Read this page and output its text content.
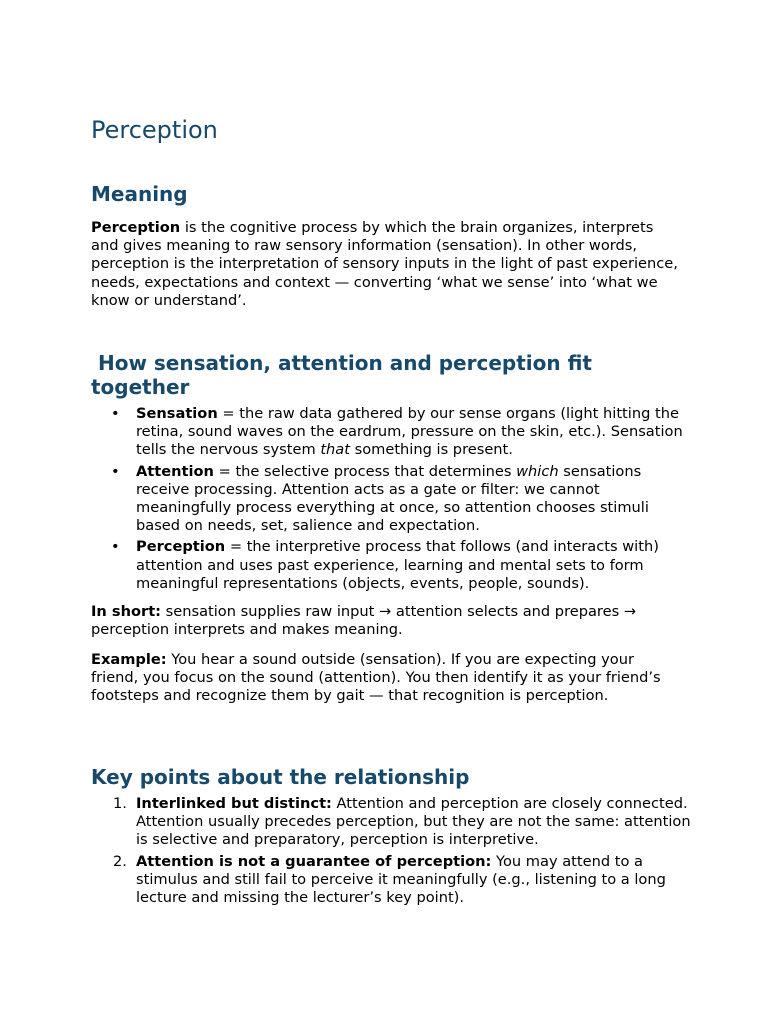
Perception
Meaning

Perception is the cognitive process by which the brain organizes, interprets and gives meaning to raw sensory information (sensation). In other words, perception is the interpretation of sensory inputs in the light of past experience, needs, expectations and context — converting ‘what we sense’ into ‘what we know or understand’.

How sensation, attention and perception fit together
• Sensation = the raw data gathered by our sense organs (light hitting the retina, sound waves on the eardrum, pressure on the skin, etc.). Sensation tells the nervous system that something is present.
• Attention = the selective process that determines which sensations receive processing. Attention acts as a gate or filter: we cannot meaningfully process everything at once, so attention chooses stimuli based on needs, set, salience and expectation.
• Perception = the interpretive process that follows (and interacts with) attention and uses past experience, learning and mental sets to form meaningful representations (objects, events, people, sounds).

In short: sensation supplies raw input → attention selects and prepares → perception interprets and makes meaning.

Example: You hear a sound outside (sensation). If you are expecting your friend, you focus on the sound (attention). You then identify it as your friend’s footsteps and recognize them by gait — that recognition is perception.

Key points about the relationship
1. Interlinked but distinct: Attention and perception are closely connected. Attention usually precedes perception, but they are not the same: attention is selective and preparatory, perception is interpretive.
2. Attention is not a guarantee of perception: You may attend to a stimulus and still fail to perceive it meaningfully (e.g., listening to a long lecture and missing the lecturer’s key point).
